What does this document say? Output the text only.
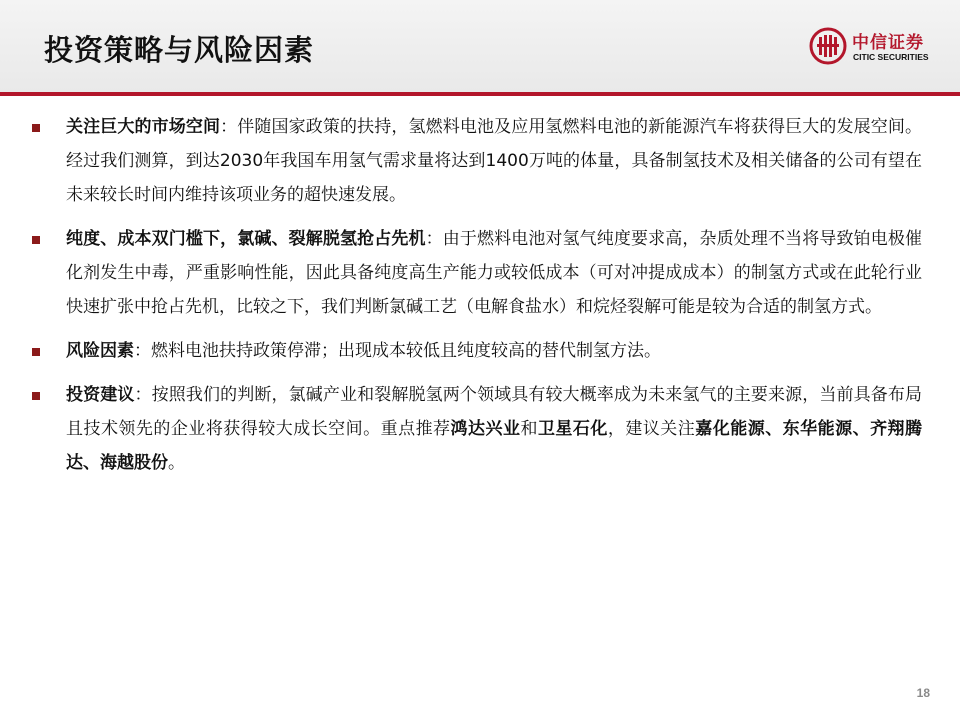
投资策略与风险因素	中信证券
CITIC SECURITIES
关注巨大的市场空间：伴随国家政策的扶持，氢燃料电池及应用氢燃料电池的新能源汽车将获得巨大的发展空间。经过我们测算，到达2030年我国车用氢气需求量将达到1400万吨的体量，具备制氢技术及相关储备的公司有望在未来较长时间内维持该项业务的超快速发展。
纯度、成本双门槛下，氯碱、裂解脱氢抢占先机：由于燃料电池对氢气纯度要求高，杂质处理不当将导致铂电极催化剂发生中毒，严重影响性能，因此具备纯度高生产能力或较低成本（可对冲提成成本）的制氢方式或在此轮行业快速扩张中抢占先机，比较之下，我们判断氯碱工艺（电解食盐水）和烷烃裂解可能是较为合适的制氢方式。
风险因素：燃料电池扶持政策停滞；出现成本较低且纯度较高的替代制氢方法。
投资建议：按照我们的判断，氯碱产业和裂解脱氢两个领域具有较大概率成为未来氢气的主要来源，当前具备布局且技术领先的企业将获得较大成长空间。重点推荐鸿达兴业和卫星石化，建议关注嘉化能源、东华能源、齐翔腾达、海越股份。
18
